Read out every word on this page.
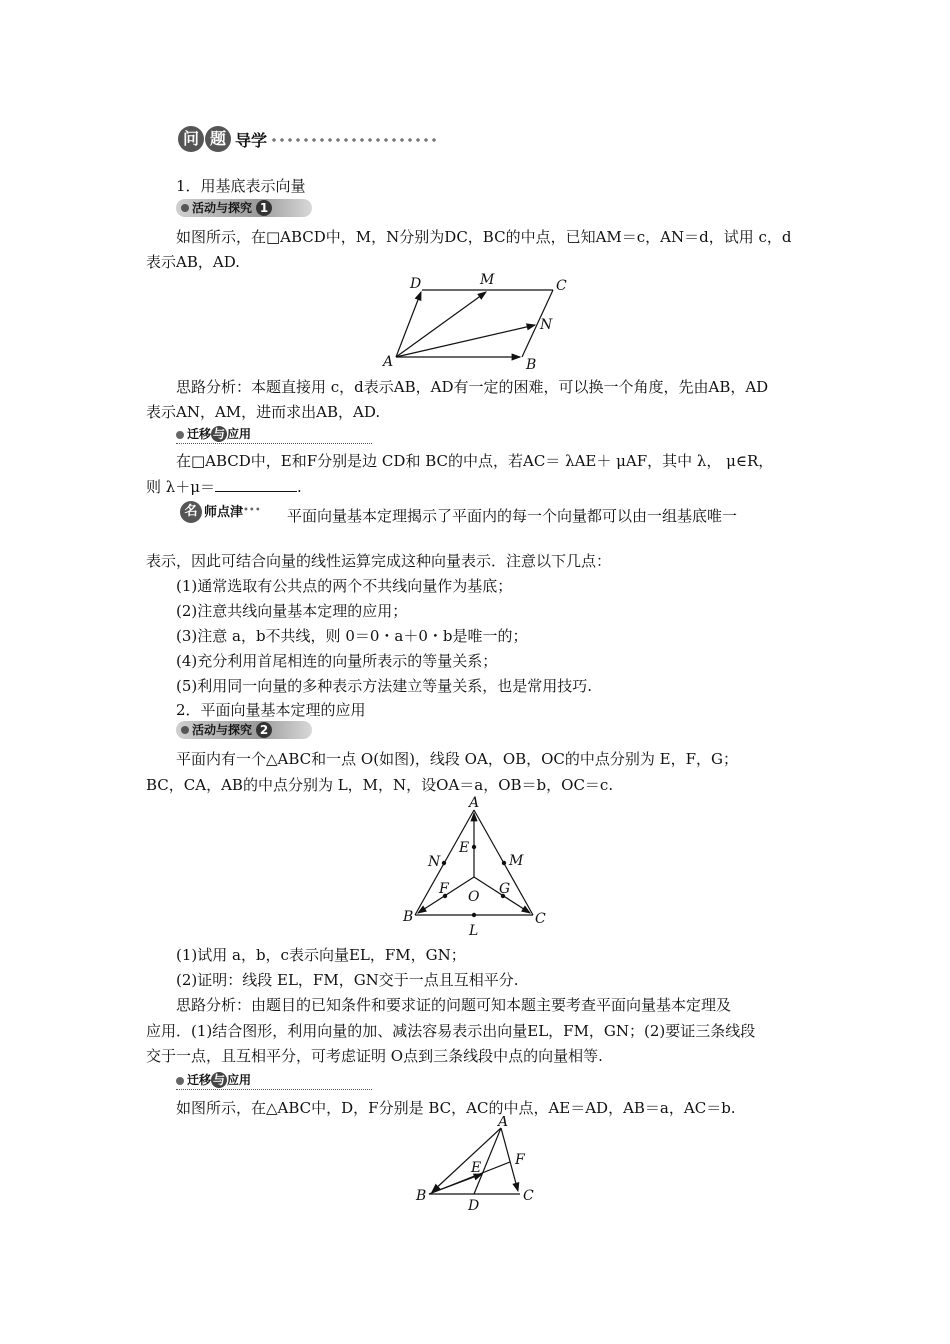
问 题 导学
1．用基底表示向量
活动与探究 1
如图所示，在□ABCD中，M，N分别为DC，BC的中点，已知AM＝c，AN＝d，试用 c，d
表示AB，AD.
D	M	C
N
A	B
思路分析：本题直接用 c，d表示AB，AD有一定的困难，可以换一个角度，先由AB，AD
表示AN，AM，进而求出AB，AD.
迁移 与 应用
在□ABCD中，E和F分别是边 CD和 BC的中点，若AC＝ λAE＋ μAF，其中 λ， μ∈R，
则 λ＋μ＝	.
名 师点津••• 平面向量基本定理揭示了平面内的每一个向量都可以由一组基底唯一
表示，因此可结合向量的线性运算完成这种向量表示．注意以下几点：
(1)通常选取有公共点的两个不共线向量作为基底；
(2)注意共线向量基本定理的应用；
(3)注意 a，b不共线，则 0＝0・a＋0・b是唯一的；
(4)充分利用首尾相连的向量所表示的等量关系；
(5)利用同一向量的多种表示方法建立等量关系，也是常用技巧.
2．平面向量基本定理的应用
活动与探究 2
平面内有一个△ABC和一点 O(如图)，线段 OA，OB，OC的中点分别为 E，F，G；
BC，CA，AB的中点分别为 L，M，N，设OA＝a，OB＝b，OC＝c.
A
E
N	M
F	G
O
B	C
L
(1)试用 a，b，c表示向量EL，FM，GN；
(2)证明：线段 EL，FM，GN交于一点且互相平分.
思路分析：由题目的已知条件和要求证的问题可知本题主要考查平面向量基本定理及
应用．(1)结合图形，利用向量的加、减法容易表示出向量EL，FM，GN；(2)要证三条线段
交于一点，且互相平分，可考虑证明 O点到三条线段中点的向量相等.
迁移 与 应用
如图所示，在△ABC中，D，F分别是 BC，AC的中点，AE＝AD，AB＝a，AC＝b.
A
E F
B	C
D
